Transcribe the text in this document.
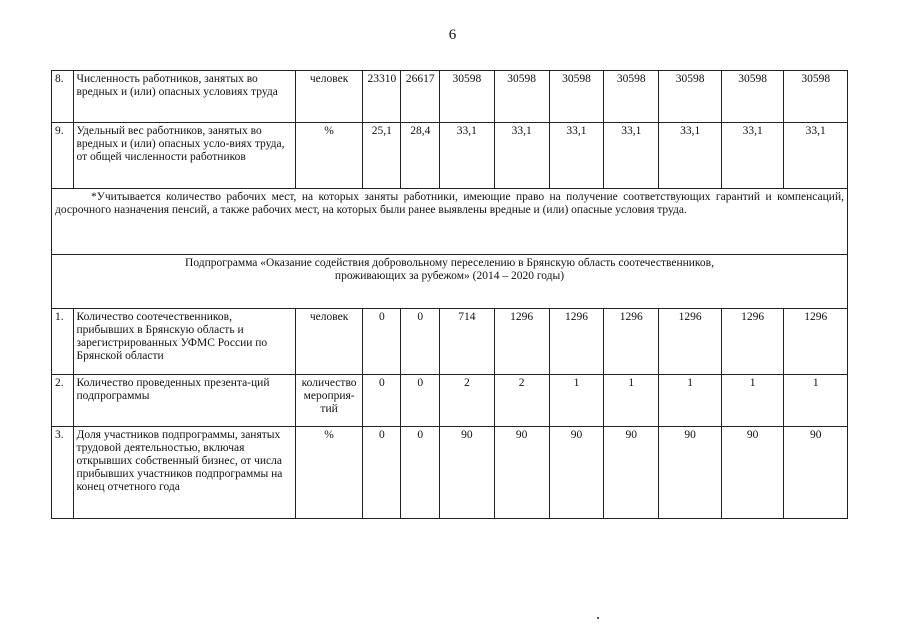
6
8.	Численность работников, занятых во вредных и (или) опасных условиях труда	человек	23310	26617	30598	30598	30598	30598	30598	30598	30598
9.	Удельный вес работников, занятых во вредных и (или) опасных усло-виях труда, от общей численности работников	%	25,1	28,4	33,1	33,1	33,1	33,1	33,1	33,1	33,1
*Учитывается количество рабочих мест, на которых заняты работники, имеющие право на получение соответствующих гарантий и компенсаций, досрочного назначения пенсий, а также рабочих мест, на которых были ранее выявлены вредные и (или) опасные условия труда.											

Подпрограмма «Оказание содействия добровольному переселению в Брянскую область соотечественников,
проживающих за рубежом» (2014 – 2020 годы)											

1.	Количество соотечественников, прибывших в Брянскую область и зарегистрированных УФМС России по Брянской области	человек	0	0	714	1296	1296	1296	1296	1296	1296
2.	Количество проведенных презента-ций подпрограммы	количество мероприя-тий	0	0	2	2	1	1	1	1	1
3.	Доля участников подпрограммы, занятых трудовой деятельностью, включая открывших собственный бизнес, от числа прибывших участников подпрограммы на конец отчетного года	%	0	0	90	90	90	90	90	90	90
